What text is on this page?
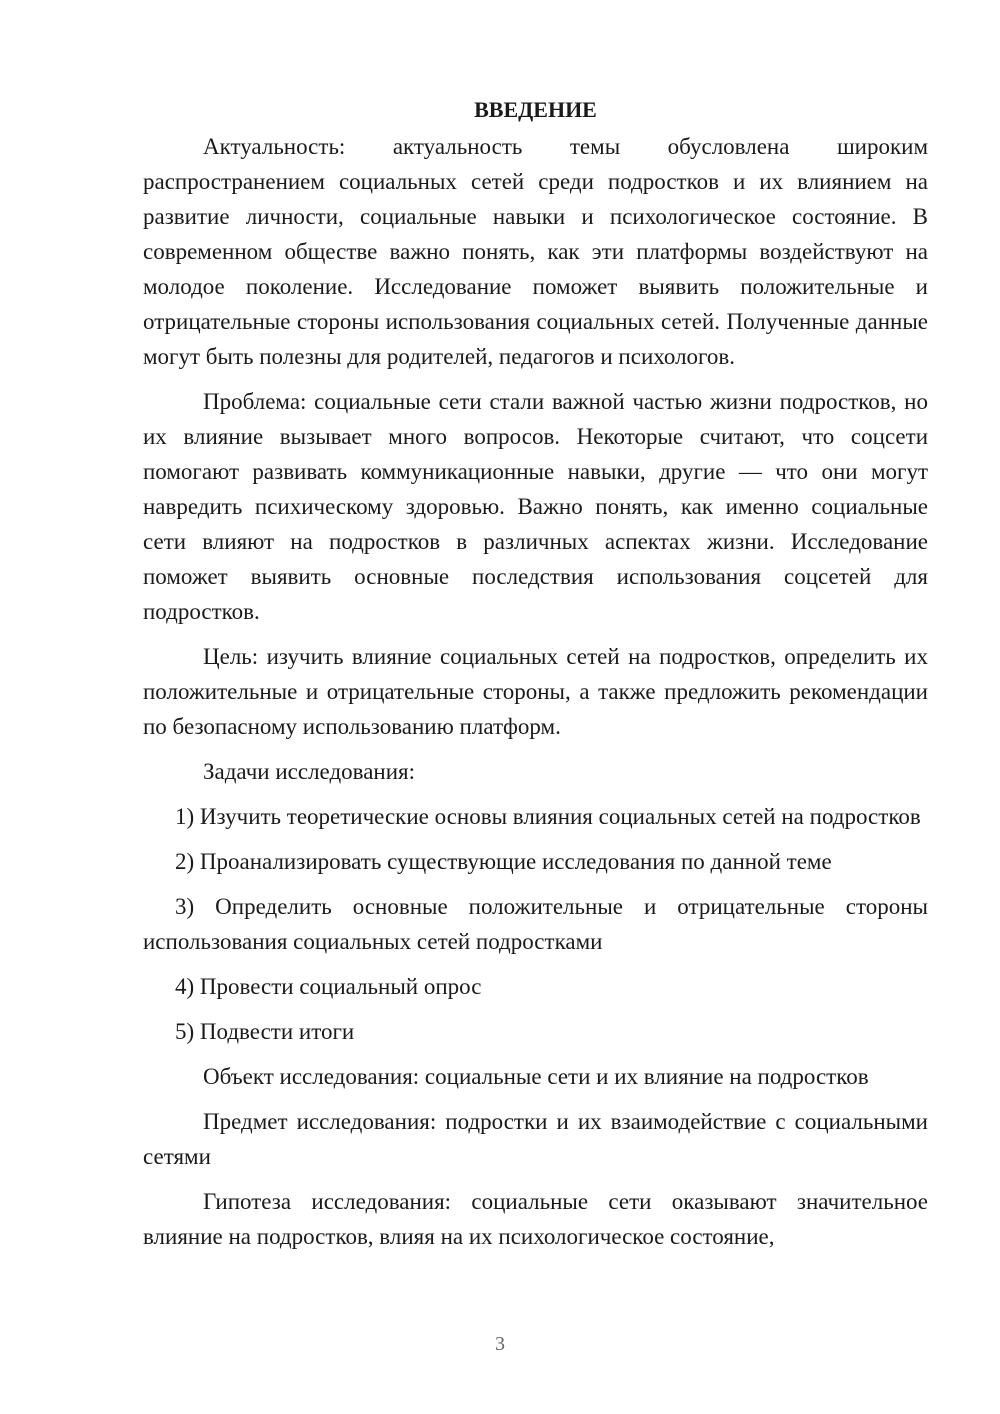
ВВЕДЕНИЕ

Актуальность: актуальность темы обусловлена широким распространением социальных сетей среди подростков и их влиянием на развитие личности, социальные навыки и психологическое состояние. В современном обществе важно понять, как эти платформы воздействуют на молодое поколение. Исследование поможет выявить положительные и отрицательные стороны использования социальных сетей. Полученные данные могут быть полезны для родителей, педагогов и психологов.

Проблема: социальные сети стали важной частью жизни подростков, но их влияние вызывает много вопросов. Некоторые считают, что соцсети помогают развивать коммуникационные навыки, другие — что они могут навредить психическому здоровью. Важно понять, как именно социальные сети влияют на подростков в различных аспектах жизни. Исследование поможет выявить основные последствия использования соцсетей для подростков.

Цель: изучить влияние социальных сетей на подростков, определить их положительные и отрицательные стороны, а также предложить рекомендации по безопасному использованию платформ.

Задачи исследования:

1) Изучить теоретические основы влияния социальных сетей на подростков

2) Проанализировать существующие исследования по данной теме

3) Определить основные положительные и отрицательные стороны использования социальных сетей подростками

4) Провести социальный опрос

5) Подвести итоги

Объект исследования: социальные сети и их влияние на подростков

Предмет исследования: подростки и их взаимодействие с социальными сетями

Гипотеза исследования: социальные сети оказывают значительное влияние на подростков, влияя на их психологическое состояние,

3
